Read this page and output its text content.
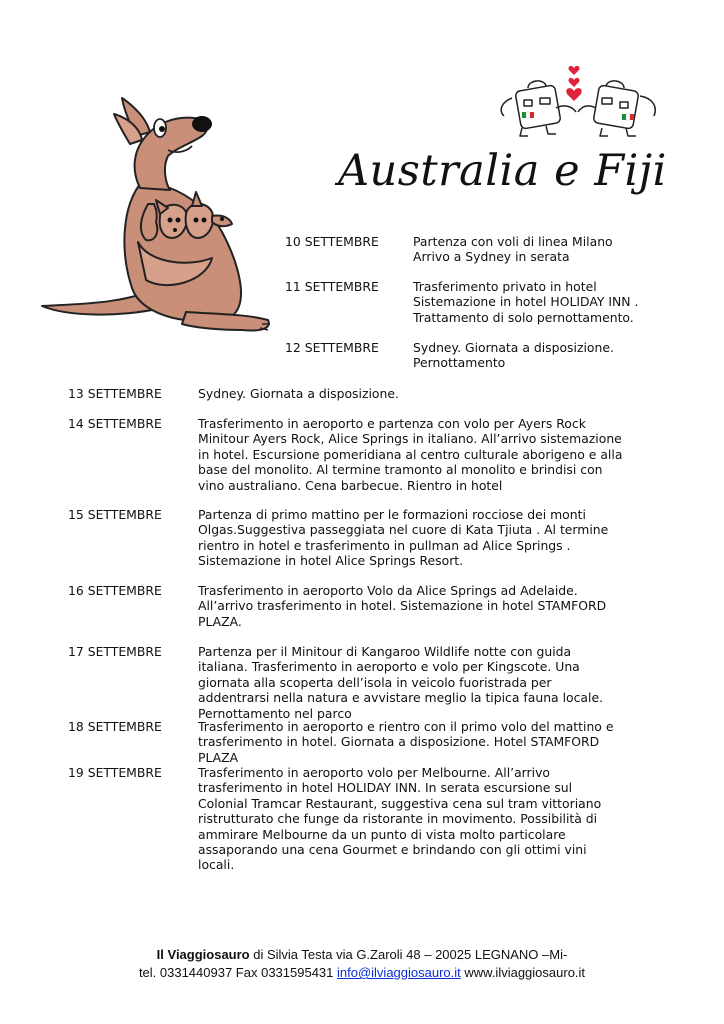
Australia e Fiji
10 SETTEMBRE	Partenza con voli di linea Milano Arrivo a Sydney in serata
11 SETTEMBRE	Trasferimento privato in hotel Sistemazione in hotel HOLIDAY INN . Trattamento di solo pernottamento.
12 SETTEMBRE	Sydney. Giornata a disposizione. Pernottamento
13 SETTEMBRE	Sydney. Giornata a disposizione.
14 SETTEMBRE	Trasferimento in aeroporto e partenza con volo per Ayers Rock Minitour Ayers Rock, Alice Springs in italiano. All’arrivo sistemazione in hotel. Escursione pomeridiana al centro culturale aborigeno e alla base del monolito. Al termine tramonto al monolito e brindisi con vino australiano. Cena barbecue. Rientro in hotel
15 SETTEMBRE	Partenza di primo mattino per le formazioni rocciose dei monti Olgas.Suggestiva passeggiata nel cuore di Kata Tjiuta . Al termine rientro in hotel e trasferimento in pullman ad Alice Springs . Sistemazione in hotel Alice Springs Resort.
16 SETTEMBRE	Trasferimento in aeroporto Volo da Alice Springs ad Adelaide. All’arrivo trasferimento in hotel. Sistemazione in hotel STAMFORD PLAZA.
17 SETTEMBRE	Partenza per il Minitour di Kangaroo Wildlife notte con guida italiana. Trasferimento in aeroporto e volo per Kingscote. Una giornata alla scoperta dell’isola in veicolo fuoristrada per addentrarsi nella natura e avvistare meglio la tipica fauna locale. Pernottamento nel parco
18 SETTEMBRE	Trasferimento in aeroporto e rientro con il primo volo del mattino e trasferimento in hotel. Giornata a disposizione. Hotel STAMFORD PLAZA
19 SETTEMBRE	Trasferimento in aeroporto volo per Melbourne. All’arrivo trasferimento in hotel HOLIDAY INN. In serata escursione sul Colonial Tramcar Restaurant, suggestiva cena sul tram vittoriano ristrutturato che funge da ristorante in movimento. Possibilità di ammirare Melbourne da un punto di vista molto particolare assaporando una cena Gourmet e brindando con gli ottimi vini locali.
Il Viaggiosauro di Silvia Testa via G.Zaroli 48 – 20025 LEGNANO –Mi-
tel. 0331440937 Fax 0331595431 info@ilviaggiosauro.it www.ilviaggiosauro.it
